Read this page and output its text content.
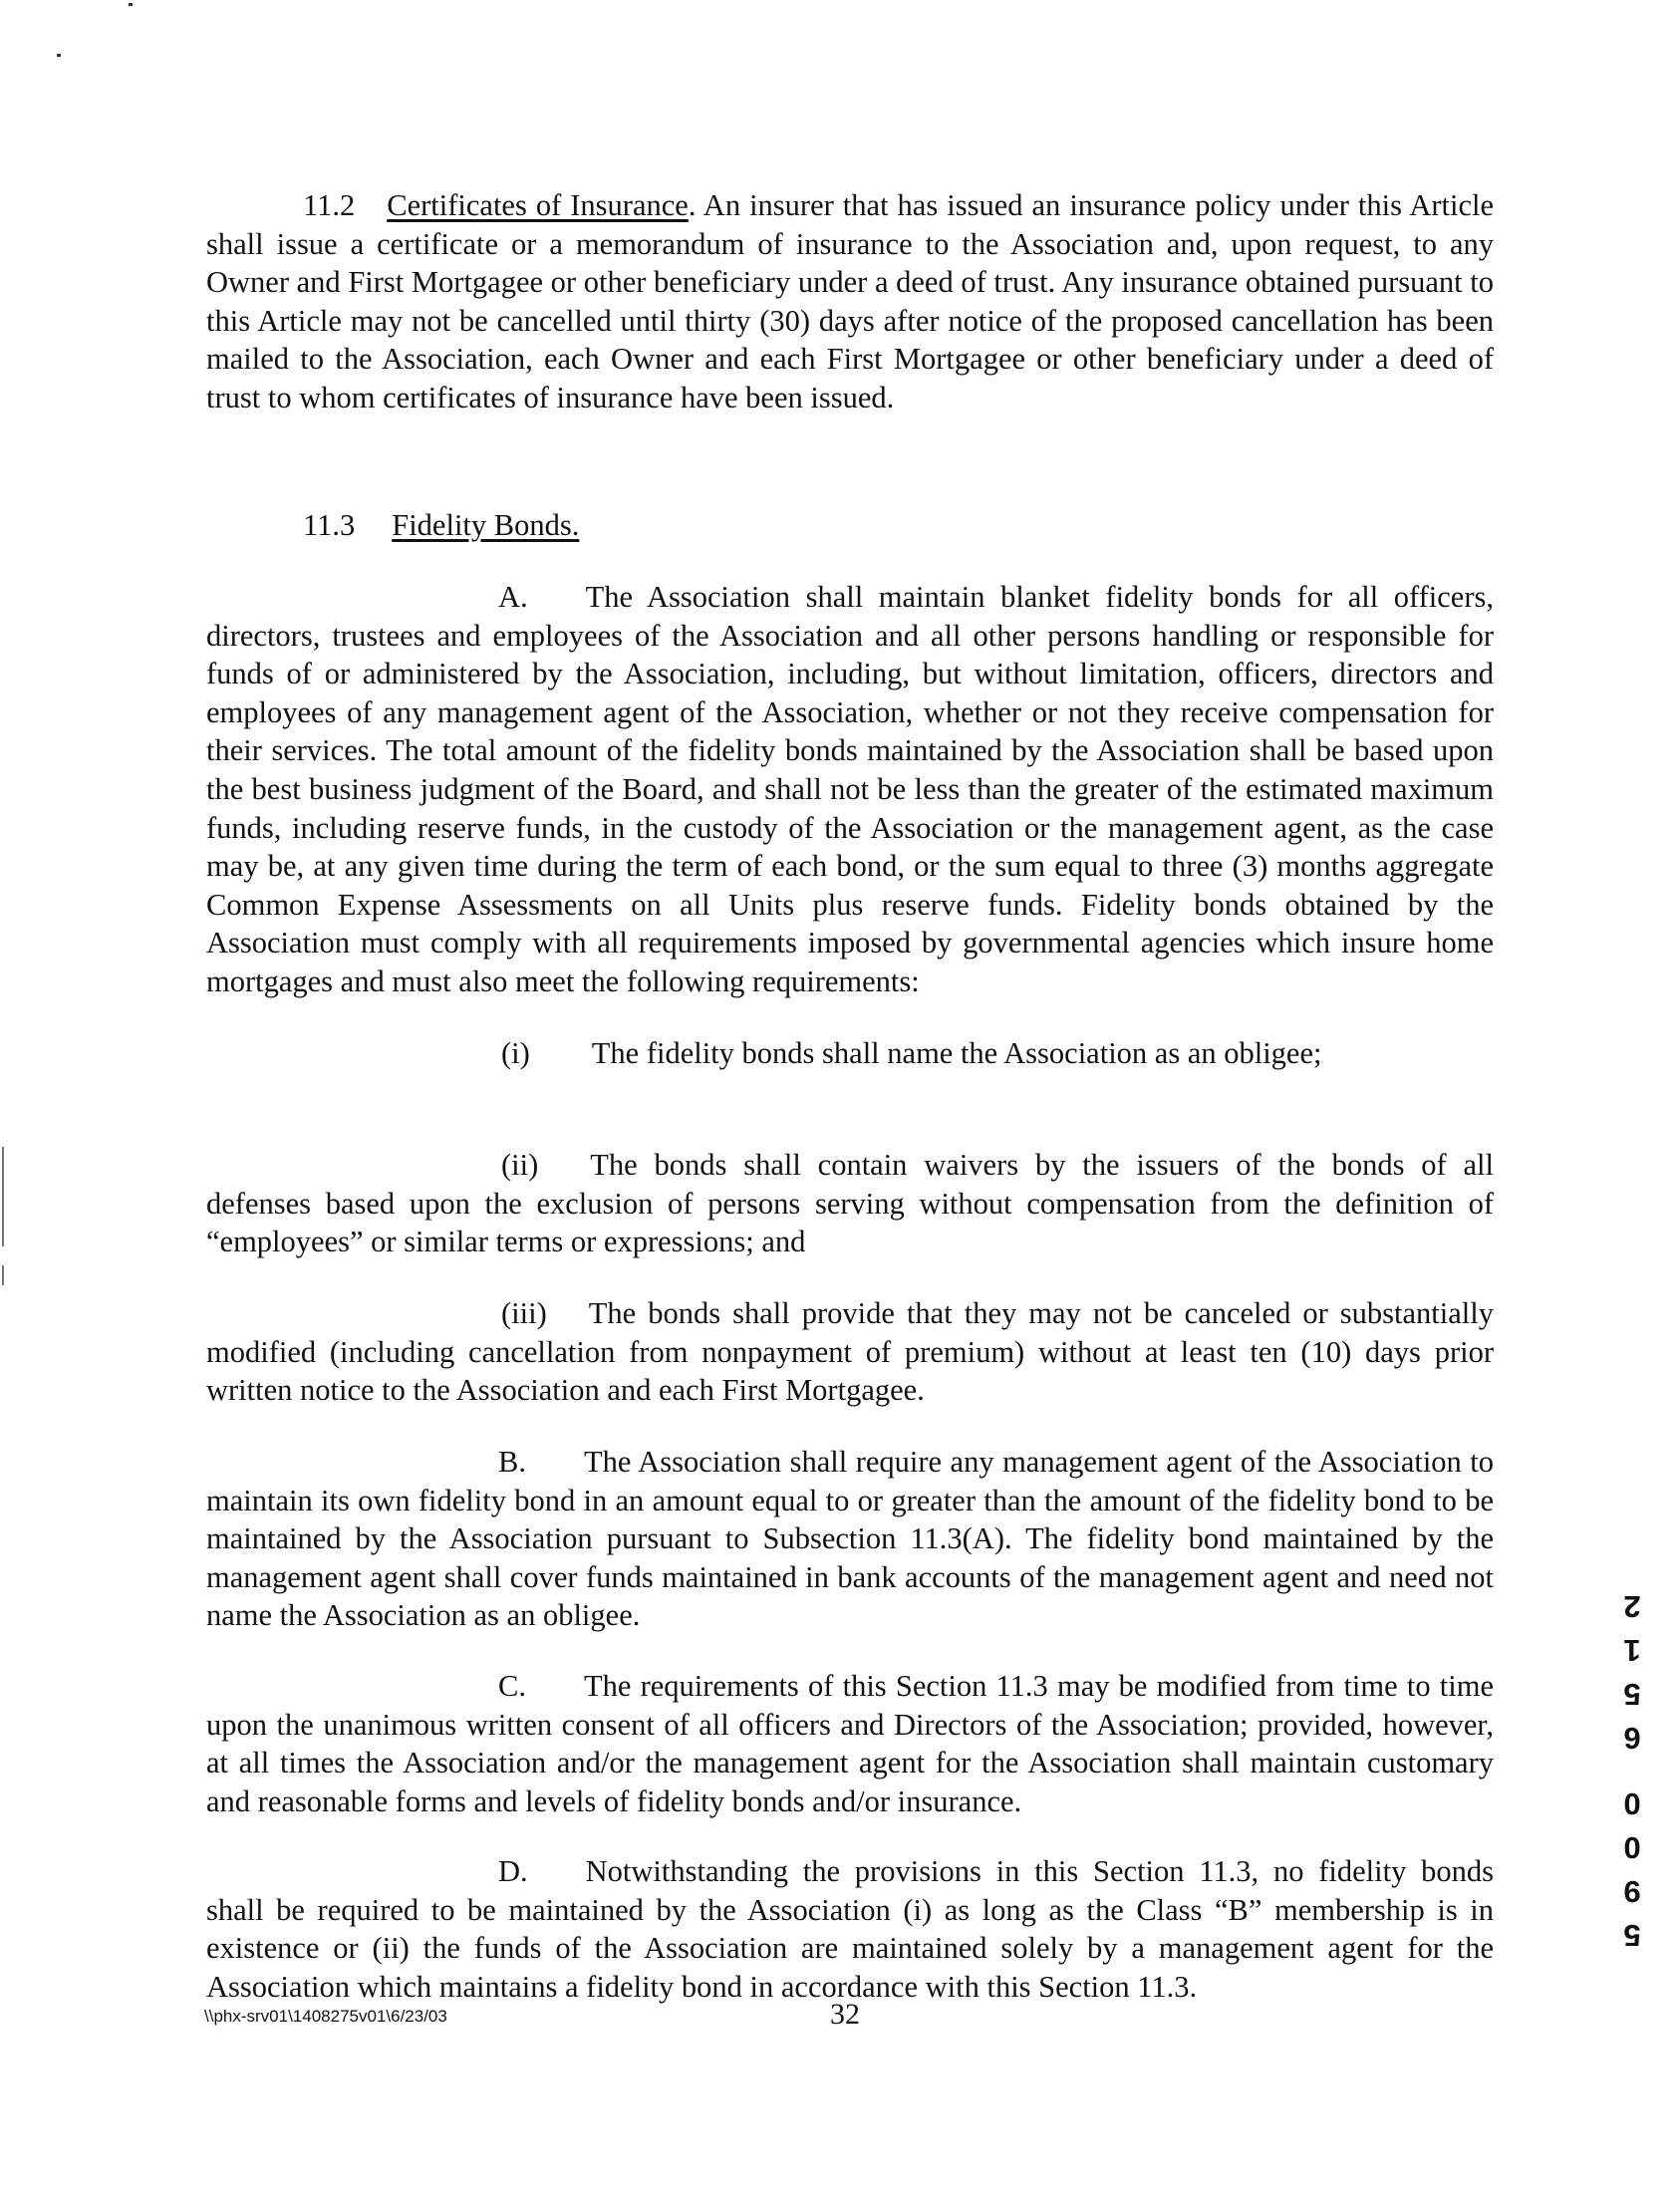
11.2 Certificates of Insurance. An insurer that has issued an insurance policy under this Article shall issue a certificate or a memorandum of insurance to the Association and, upon request, to any Owner and First Mortgagee or other beneficiary under a deed of trust. Any insurance obtained pursuant to this Article may not be cancelled until thirty (30) days after notice of the proposed cancellation has been mailed to the Association, each Owner and each First Mortgagee or other beneficiary under a deed of trust to whom certificates of insurance have been issued.

11.3 Fidelity Bonds.

A. The Association shall maintain blanket fidelity bonds for all officers, directors, trustees and employees of the Association and all other persons handling or responsible for funds of or administered by the Association, including, but without limitation, officers, directors and employees of any management agent of the Association, whether or not they receive compensation for their services. The total amount of the fidelity bonds maintained by the Association shall be based upon the best business judgment of the Board, and shall not be less than the greater of the estimated maximum funds, including reserve funds, in the custody of the Association or the management agent, as the case may be, at any given time during the term of each bond, or the sum equal to three (3) months aggregate Common Expense Assessments on all Units plus reserve funds. Fidelity bonds obtained by the Association must comply with all requirements imposed by governmental agencies which insure home mortgages and must also meet the following requirements:

(i) The fidelity bonds shall name the Association as an obligee;

(ii) The bonds shall contain waivers by the issuers of the bonds of all defenses based upon the exclusion of persons serving without compensation from the definition of “employees” or similar terms or expressions; and

(iii) The bonds shall provide that they may not be canceled or substantially modified (including cancellation from nonpayment of premium) without at least ten (10) days prior written notice to the Association and each First Mortgagee.

B. The Association shall require any management agent of the Association to maintain its own fidelity bond in an amount equal to or greater than the amount of the fidelity bond to be maintained by the Association pursuant to Subsection 11.3(A). The fidelity bond maintained by the management agent shall cover funds maintained in bank accounts of the management agent and need not name the Association as an obligee.

C. The requirements of this Section 11.3 may be modified from time to time upon the unanimous written consent of all officers and Directors of the Association; provided, however, at all times the Association and/or the management agent for the Association shall maintain customary and reasonable forms and levels of fidelity bonds and/or insurance.

D. Notwithstanding the provisions in this Section 11.3, no fidelity bonds shall be required to be maintained by the Association (i) as long as the Class “B” membership is in existence or (ii) the funds of the Association are maintained solely by a management agent for the Association which maintains a fidelity bond in accordance with this Section 11.3.

\\phx-srv01\1408275v01\6/23/03	32
5
9
0
0
6
5
1
2
